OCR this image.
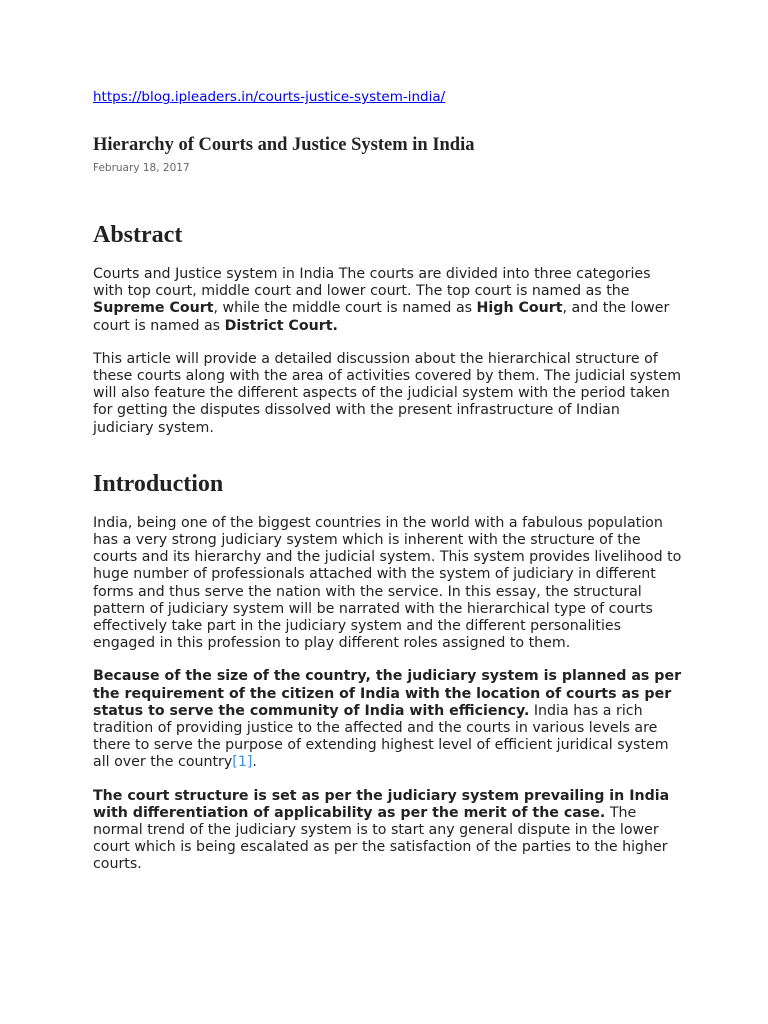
https://blog.ipleaders.in/courts-justice-system-india/
Hierarchy of Courts and Justice System in India
February 18, 2017
Abstract

Courts and Justice system in India The courts are divided into three categories with top court, middle court and lower court. The top court is named as the Supreme Court, while the middle court is named as High Court, and the lower court is named as District Court.

This article will provide a detailed discussion about the hierarchical structure of these courts along with the area of activities covered by them. The judicial system will also feature the different aspects of the judicial system with the period taken for getting the disputes dissolved with the present infrastructure of Indian judiciary system.

Introduction

India, being one of the biggest countries in the world with a fabulous population has a very strong judiciary system which is inherent with the structure of the courts and its hierarchy and the judicial system. This system provides livelihood to huge number of professionals attached with the system of judiciary in different forms and thus serve the nation with the service. In this essay, the structural pattern of judiciary system will be narrated with the hierarchical type of courts effectively take part in the judiciary system and the different personalities engaged in this profession to play different roles assigned to them.

Because of the size of the country, the judiciary system is planned as per the requirement of the citizen of India with the location of courts as per status to serve the community of India with efficiency. India has a rich tradition of providing justice to the affected and the courts in various levels are there to serve the purpose of extending highest level of efficient juridical system all over the country[1].

The court structure is set as per the judiciary system prevailing in India with differentiation of applicability as per the merit of the case. The normal trend of the judiciary system is to start any general dispute in the lower court which is being escalated as per the satisfaction of the parties to the higher courts.
